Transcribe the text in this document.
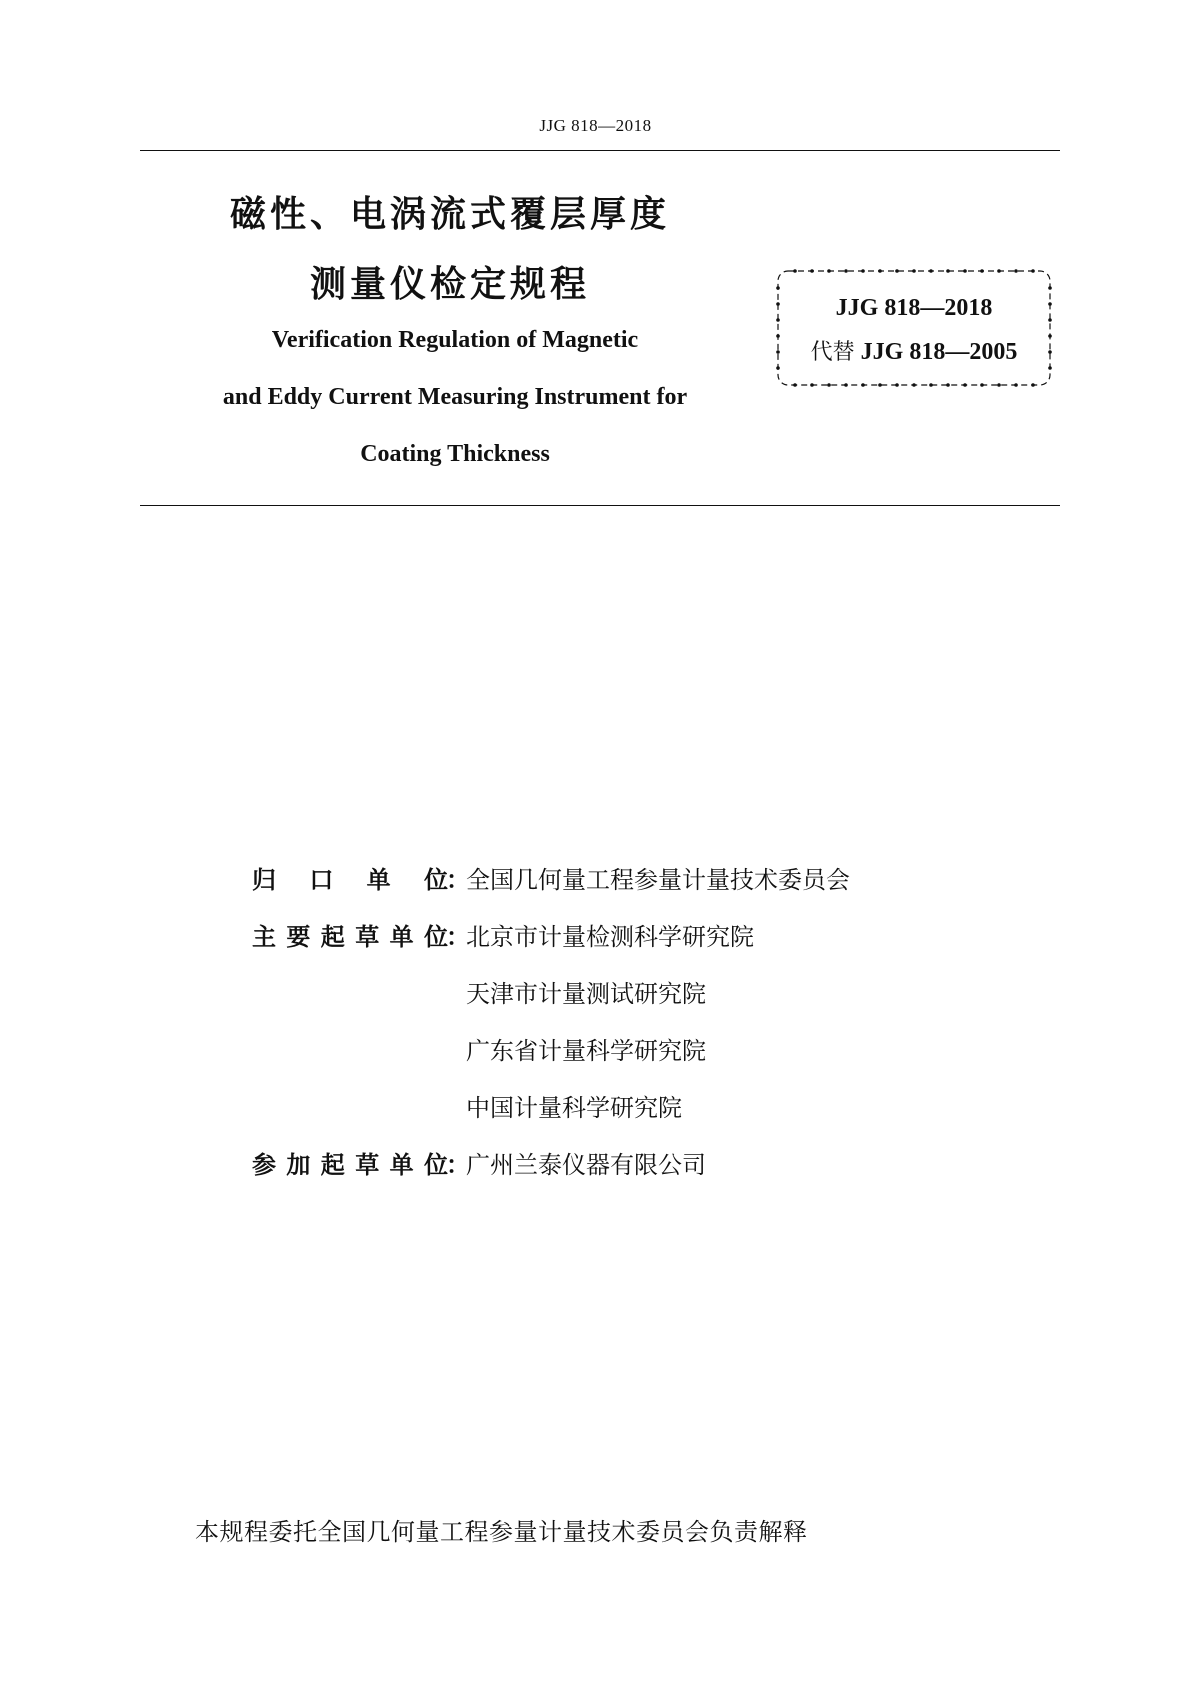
JJG 818—2018
磁性、电涡流式覆层厚度
测量仪检定规程
Verification Regulation of Magnetic
and Eddy Current Measuring Instrument for
Coating Thickness
JJG 818—2018
代替 JJG 818—2005
归口单位：全国几何量工程参量计量技术委员会
主要起草单位：北京市计量检测科学研究院
天津市计量测试研究院
广东省计量科学研究院
中国计量科学研究院
参加起草单位：广州兰泰仪器有限公司
本规程委托全国几何量工程参量计量技术委员会负责解释
